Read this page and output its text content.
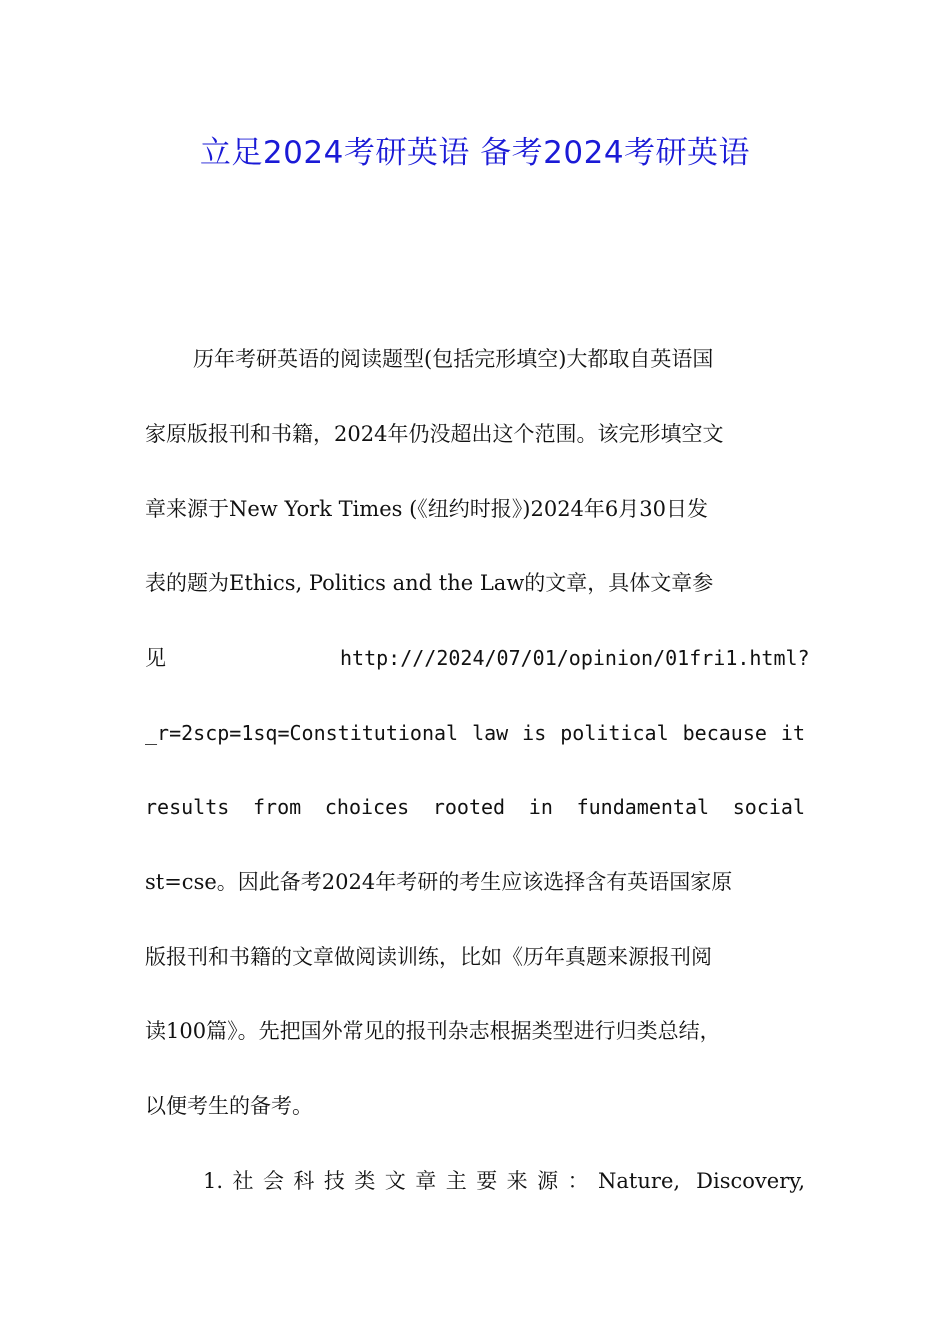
立足2024考研英语 备考2024考研英语
历年考研英语的阅读题型(包括完形填空)大都取自英语国
家原版报刊和书籍，2024年仍没超出这个范围。该完形填空文
章来源于New York Times (《纽约时报》)2024年6月30日发
表的题为Ethics, Politics and the Law的文章，具体文章参
见	http:///2024/07/01/opinion/01fri1.html?
_r=2scp=1sq=Constitutional law is political because it
results from choices rooted in fundamental social
st=cse。因此备考2024年考研的考生应该选择含有英语国家原
版报刊和书籍的文章做阅读训练，比如《历年真题来源报刊阅
读100篇》。先把国外常见的报刊杂志根据类型进行归类总结，
以便考生的备考。
1.社会科技类文章主要来源：Nature, Discovery,
